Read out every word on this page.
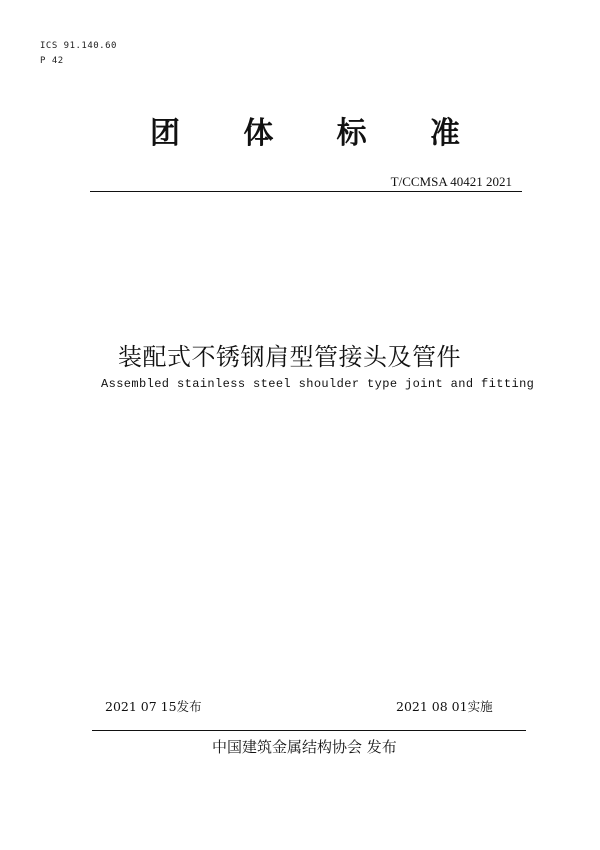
ICS 91.140.60
P 42
团 体 标 准
T/CCMSA 40421 2021
装配式不锈钢肩型管接头及管件
Assembled stainless steel shoulder type joint and fitting
2021 07 15发布	2021 08 01实施
中国建筑金属结构协会 发布
